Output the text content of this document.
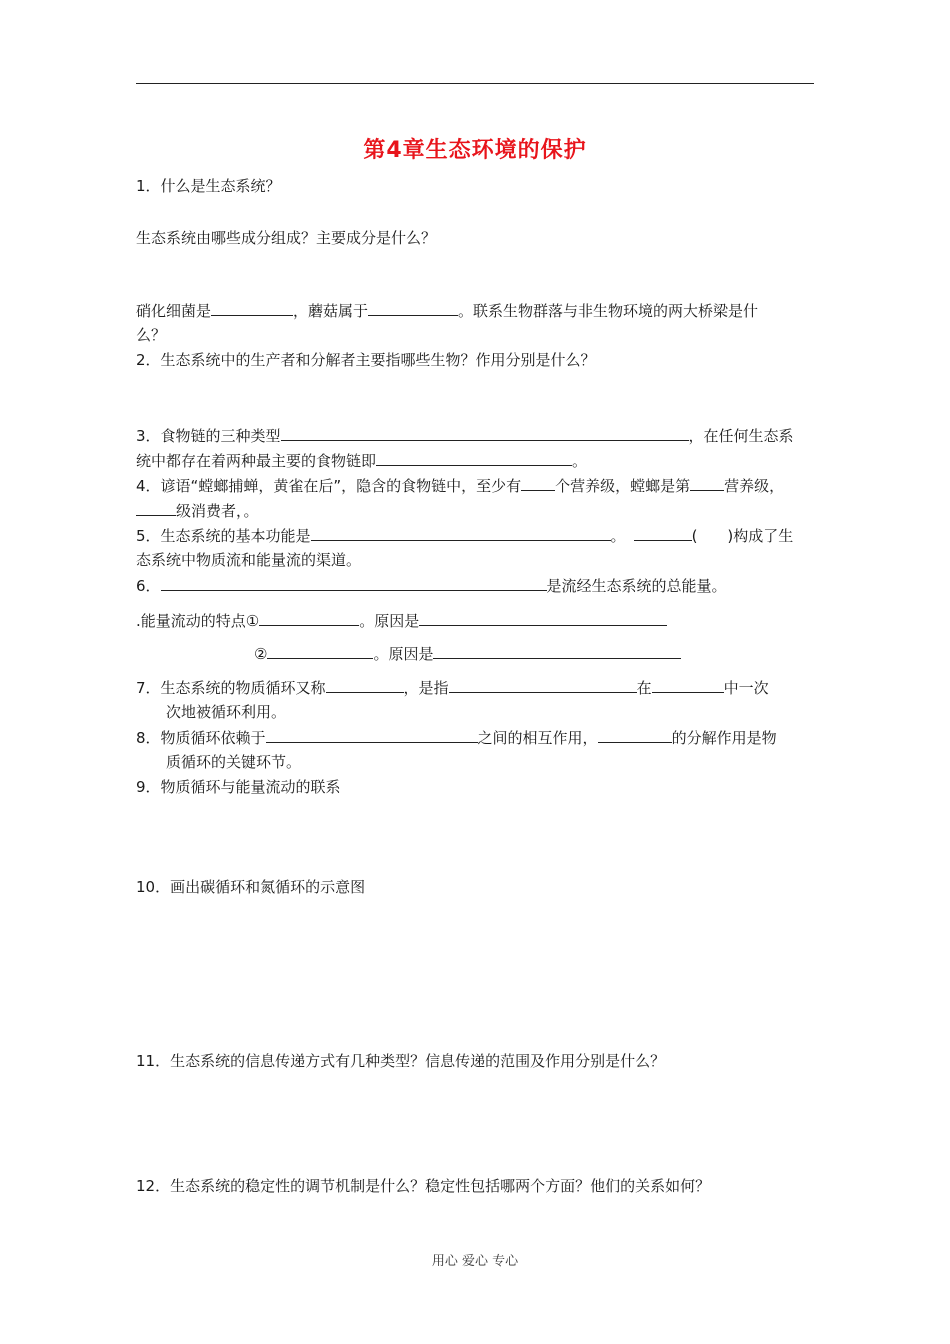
第4章生态环境的保护
1．什么是生态系统？
生态系统由哪些成分组成？主要成分是什么？
硝化细菌是	，蘑菇属于	。联系生物群落与非生物环境的两大桥梁是什
么？
2．生态系统中的生产者和分解者主要指哪些生物？作用分别是什么？
3．食物链的三种类型	，在任何生态系
统中都存在着两种最主要的食物链即	。
4．谚语“螳螂捕蝉，黄雀在后”，隐含的食物链中，至少有 个营养级，螳螂是第 营养级，
级消费者，。
5．生态系统的基本功能是	。	( )构成了生
态系统中物质流和能量流的渠道。
6．	是流经生态系统的总能量。
.能量流动的特点①	。原因是
②	。原因是
7．生态系统的物质循环又称	，是指	在	中一次
次地被循环利用。
8．物质循环依赖于	之间的相互作用，	的分解作用是物
质循环的关键环节。
9．物质循环与能量流动的联系
10．画出碳循环和氮循环的示意图
11．生态系统的信息传递方式有几种类型？信息传递的范围及作用分别是什么？
12．生态系统的稳定性的调节机制是什么？稳定性包括哪两个方面？他们的关系如何？
用心 爱心 专心
